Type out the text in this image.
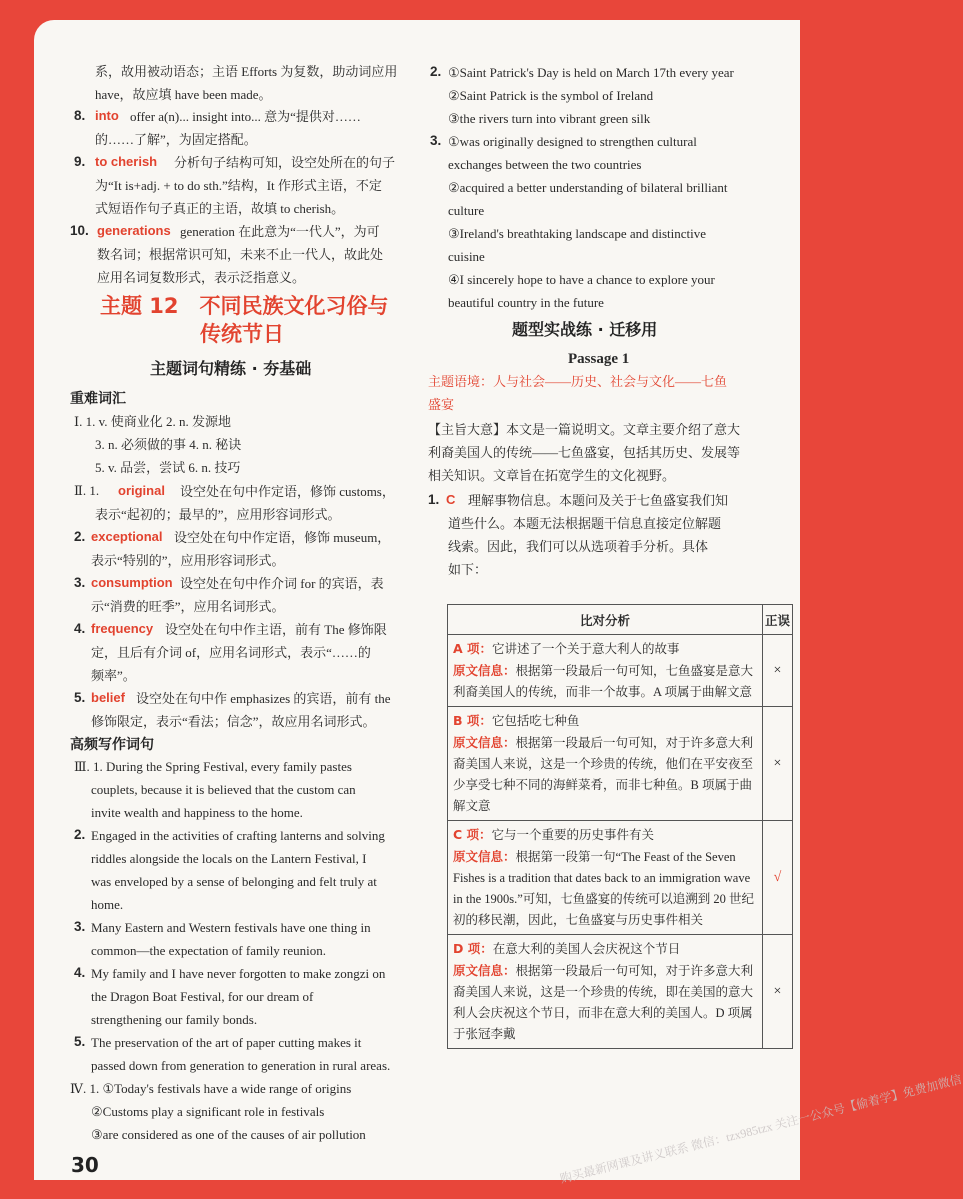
系，故用被动语态；主语 Efforts 为复数，助动词应用
have，故应填 have been made。
8. into offer a(n)... insight into... 意为“提供对……
的……了解”，为固定搭配。
9. to cherish 分析句子结构可知，设空处所在的句子
为“It is+adj. + to do sth.”结构，It 作形式主语，不定
式短语作句子真正的主语，故填 to cherish。
10. generations generation 在此意为“一代人”，为可
数名词；根据常识可知，未来不止一代人，故此处
应用名词复数形式，表示泛指意义。
主题 12　不同民族文化习俗与
传统节日
主题词句精练 · 夯基础
重难词汇
Ⅰ. 1. v. 使商业化 2. n. 发源地
3. n. 必须做的事 4. n. 秘诀
5. v. 品尝，尝试 6. n. 技巧
Ⅱ. 1. original 设空处在句中作定语，修饰 customs，
表示“起初的；最早的”，应用形容词形式。
2. exceptional 设空处在句中作定语，修饰 museum，
表示“特别的”，应用形容词形式。
3. consumption 设空处在句中作介词 for 的宾语，表
示“消费的旺季”，应用名词形式。
4. frequency 设空处在句中作主语，前有 The 修饰限
定，且后有介词 of，应用名词形式，表示“……的
频率”。
5. belief 设空处在句中作 emphasizes 的宾语，前有 the
修饰限定，表示“看法；信念”，故应用名词形式。
高频写作词句
Ⅲ. 1. During the Spring Festival, every family pastes
couplets, because it is believed that the custom can
invite wealth and happiness to the home.
2. Engaged in the activities of crafting lanterns and solving
riddles alongside the locals on the Lantern Festival, I
was enveloped by a sense of belonging and felt truly at
home.
3. Many Eastern and Western festivals have one thing in
common—the expectation of family reunion.
4. My family and I have never forgotten to make zongzi on
the Dragon Boat Festival, for our dream of
strengthening our family bonds.
5. The preservation of the art of paper cutting makes it
passed down from generation to generation in rural areas.
Ⅳ. 1. ①Today's festivals have a wide range of origins
②Customs play a significant role in festivals
③are considered as one of the causes of air pollution
2. ①Saint Patrick's Day is held on March 17th every year
②Saint Patrick is the symbol of Ireland
③the rivers turn into vibrant green silk
3. ①was originally designed to strengthen cultural
exchanges between the two countries
②acquired a better understanding of bilateral brilliant
culture
③Ireland's breathtaking landscape and distinctive
cuisine
④I sincerely hope to have a chance to explore your
beautiful country in the future
题型实战练 · 迁移用
Passage 1
主题语境：人与社会——历史、社会与文化——七鱼
盛宴
【主旨大意】本文是一篇说明文。文章主要介绍了意大
利裔美国人的传统——七鱼盛宴，包括其历史、发展等
相关知识。文章旨在拓宽学生的文化视野。
1. C 理解事物信息。本题问及关于七鱼盛宴我们知
道些什么。本题无法根据题干信息直接定位解题
线索。因此，我们可以从选项着手分析。具体
如下：
比对分析	正误

A 项：它讲述了一个关于意大利人的故事
原文信息：根据第一段最后一句可知，七鱼盛宴是意大利裔美国人的传统，而非一个故事。A 项属于曲解文意	×

B 项：它包括吃七种鱼
原文信息：根据第一段最后一句可知，对于许多意大利裔美国人来说，这是一个珍贵的传统，他们在平安夜至少享受七种不同的海鲜菜肴，而非七种鱼。B 项属于曲解文意	×

C 项：它与一个重要的历史事件有关
原文信息：根据第一段第一句“The Feast of the Seven Fishes is a tradition that dates back to an immigration wave in the 1900s.”可知，七鱼盛宴的传统可以追溯到 20 世纪初的移民潮，因此，七鱼盛宴与历史事件相关	√

D 项：在意大利的美国人会庆祝这个节日
原文信息：根据第一段最后一句可知，对于许多意大利裔美国人来说，这是一个珍贵的传统，即在美国的意大利人会庆祝这个节日，而非在意大利的美国人。D 项属于张冠李戴	×
30	购买最新网课及讲义联系 微信：tzx985tzx 关注一公众号【偷着学】免费加微信
